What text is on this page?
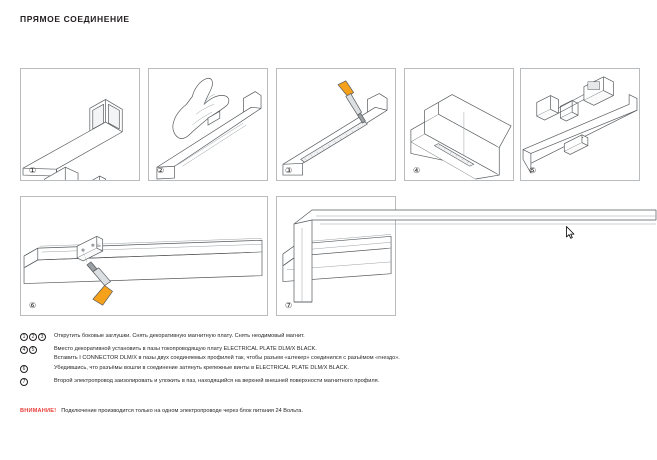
ПРЯМОЕ СОЕДИНЕНИЕ
①	②	③	④	⑤
⑥	⑦
1	2	3	Открутить боковые заглушки. Снять декоративную магнитную плату. Снять неодимовый магнит.
4	5	Вместо декоративной установить в пазы токопроводящую плату ELECTRICAL PLATE DLM/X BLACK.
Вставить I CONNECTOR DLM/X в пазы двух соединяемых профилей так, чтобы разъем «штекер» соединился с разъёмом «гнездо».
6	Убедившись, что разъёмы вошли в соединение затянуть крепежные винты в ELECTRICAL PLATE DLM/X BLACK.
7	Второй электропровод заизолировать и уложить в паз, находящийся на верхней внешней поверхности магнитного профиля.
ВНИМАНИЕ! Подключение производится только на одном электропроводе через блок питания 24 Вольта.
